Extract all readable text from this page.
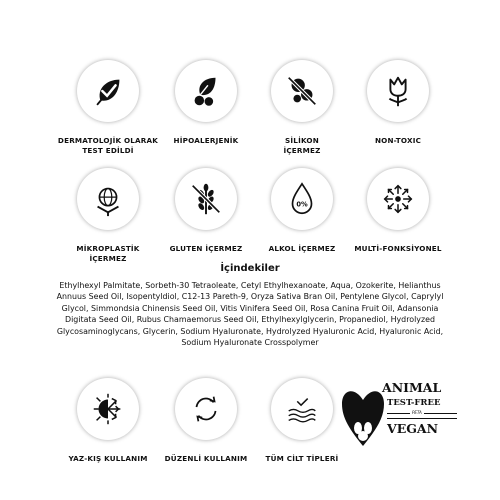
DERMATOLOJİK OLARAK
TEST EDİLDİ
HİPOALERJENİK	SİLİKON
İÇERMEZ
NON-TOXIC
MİKROPLASTİK
İÇERMEZ
GLUTEN İÇERMEZ
0%
ALKOL İÇERMEZ	MULTİ-FONKSİYONEL
İçindekiler
Ethylhexyl Palmitate, Sorbeth-30 Tetraoleate, Cetyl Ethylhexanoate, Aqua, Ozokerite, Helianthus Annuus Seed Oil, Isopentyldiol, C12-13 Pareth-9, Oryza Sativa Bran Oil, Pentylene Glycol, Caprylyl Glycol, Simmondsia Chinensis Seed Oil, Vitis Vinifera Seed Oil, Rosa Canina Fruit Oil, Adansonia Digitata Seed Oil, Rubus Chamaemorus Seed Oil, Ethylhexylglycerin, Propanediol, Hydrolyzed Glycosaminoglycans, Glycerin, Sodium Hyaluronate, Hydrolyzed Hyaluronic Acid, Hyaluronic Acid, Sodium Hyaluronate Crosspolymer
YAZ-KIŞ KULLANIM	DÜZENLİ KULLANIM	TÜM CİLT TİPLERİ
ANIMAL
TEST-FREE
PETA
VEGAN
